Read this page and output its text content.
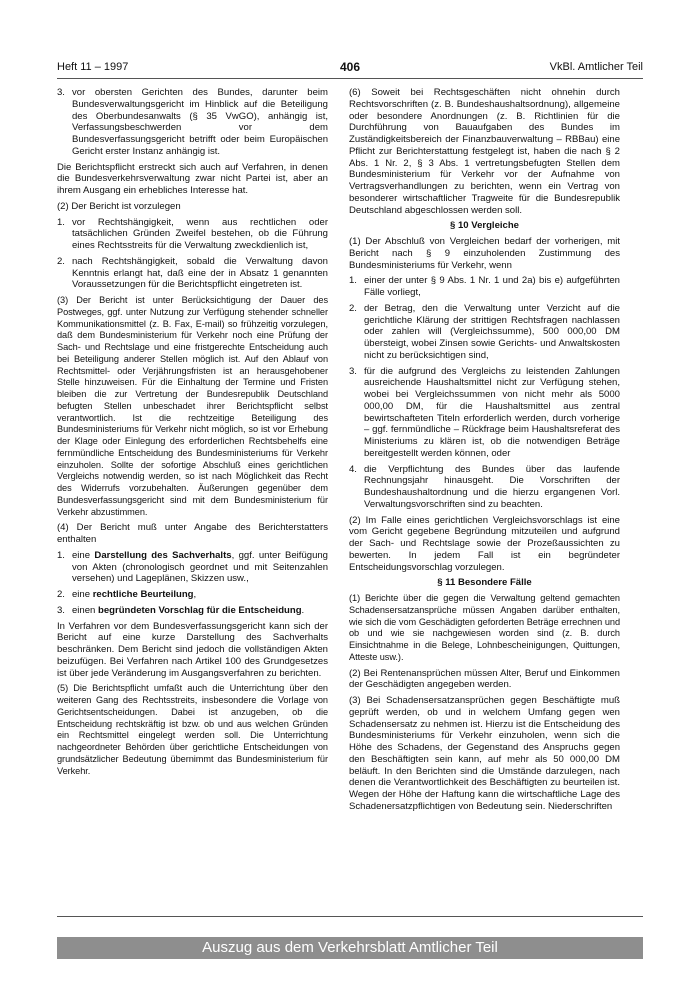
Heft 11 – 1997	406	VkBl. Amtlicher Teil
3. vor obersten Gerichten des Bundes, darunter beim Bundesverwaltungsgericht im Hinblick auf die Beteiligung des Oberbundesanwalts (§ 35 VwGO), anhängig ist, Verfassungsbeschwerden vor dem Bundesverfassungsgericht betrifft oder beim Europäischen Gericht erster Instanz anhängig ist.

Die Berichtspflicht erstreckt sich auch auf Verfahren, in denen die Bundesverkehrsverwaltung zwar nicht Partei ist, aber an ihrem Ausgang ein erhebliches Interesse hat.

(2) Der Bericht ist vorzulegen

1. vor Rechtshängigkeit, wenn aus rechtlichen oder tatsächlichen Gründen Zweifel bestehen, ob die Führung eines Rechtsstreits für die Verwaltung zweckdienlich ist,
2. nach Rechtshängigkeit, sobald die Verwaltung davon Kenntnis erlangt hat, daß eine der in Absatz 1 genannten Voraussetzungen für die Berichtspflicht eingetreten ist.

(3) Der Bericht ist unter Berücksichtigung der Dauer des Postweges, ggf. unter Nutzung zur Verfügung stehender schneller Kommunikationsmittel (z. B. Fax, E-mail) so frühzeitig vorzulegen, daß dem Bundesministerium für Verkehr noch eine Prüfung der Sach- und Rechtslage und eine fristgerechte Entscheidung auch bei Beteiligung anderer Stellen möglich ist. Auf den Ablauf von Rechtsmittel- oder Verjährungsfristen ist an herausgehobener Stelle hinzuweisen. Für die Einhaltung der Termine und Fristen bleiben die zur Vertretung der Bundesrepublik Deutschland befugten Stellen unbeschadet ihrer Berichtspflicht selbst verantwortlich. Ist die rechtzeitige Beteiligung des Bundesministeriums für Verkehr nicht möglich, so ist vor Erhebung der Klage oder Einlegung des erforderlichen Rechtsbehelfs eine fernmündliche Entscheidung des Bundesministeriums für Verkehr einzuholen. Sollte der sofortige Abschluß eines gerichtlichen Vergleichs notwendig werden, so ist nach Möglichkeit das Recht des Widerrufs vorzubehalten. Äußerungen gegenüber dem Bundesverfassungsgericht sind mit dem Bundesministerium für Verkehr abzustimmen.

(4) Der Bericht muß unter Angabe des Berichterstatters enthalten

1. eine Darstellung des Sachverhalts, ggf. unter Beifügung von Akten (chronologisch geordnet und mit Seitenzahlen versehen) und Lageplänen, Skizzen usw.,
2. eine rechtliche Beurteilung,
3. einen begründeten Vorschlag für die Entscheidung.

In Verfahren vor dem Bundesverfassungsgericht kann sich der Bericht auf eine kurze Darstellung des Sachverhalts beschränken. Dem Bericht sind jedoch die vollständigen Akten beizufügen. Bei Verfahren nach Artikel 100 des Grundgesetzes ist über jede Veränderung im Ausgangsverfahren zu berichten.

(5) Die Berichtspflicht umfaßt auch die Unterrichtung über den weiteren Gang des Rechtsstreits, insbesondere die Vorlage von Gerichtsentscheidungen. Dabei ist anzugeben, ob die Entscheidung rechtskräftig ist bzw. ob und aus welchen Gründen ein Rechtsmittel eingelegt werden soll. Die Unterrichtung nachgeordneter Behörden über gerichtliche Entscheidungen von grundsätzlicher Bedeutung übernimmt das Bundesministerium für Verkehr.

(6) Soweit bei Rechtsgeschäften nicht ohnehin durch Rechtsvorschriften (z. B. Bundeshaushaltsordnung), allgemeine oder besondere Anordnungen (z. B. Richtlinien für die Durchführung von Bauaufgaben des Bundes im Zuständigkeitsbereich der Finanzbauverwaltung – RBBau) eine Pflicht zur Berichterstattung festgelegt ist, haben die nach § 2 Abs. 1 Nr. 2, § 3 Abs. 1 vertretungsbefugten Stellen dem Bundesministerium für Verkehr vor der Aufnahme von Vertragsverhandlungen zu berichten, wenn ein Vertrag von besonderer wirtschaftlicher Tragweite für die Bundesrepublik Deutschland abgeschlossen werden soll.

§ 10 Vergleiche

(1) Der Abschluß von Vergleichen bedarf der vorherigen, mit Bericht nach § 9 einzuholenden Zustimmung des Bundesministeriums für Verkehr, wenn

1. einer der unter § 9 Abs. 1 Nr. 1 und 2a) bis e) aufgeführten Fälle vorliegt,
2. der Betrag, den die Verwaltung unter Verzicht auf die gerichtliche Klärung der strittigen Rechtsfragen nachlassen oder zahlen will (Vergleichssumme), 500 000,00 DM übersteigt, wobei Zinsen sowie Gerichts- und Anwaltskosten nicht zu berücksichtigen sind,
3. für die aufgrund des Vergleichs zu leistenden Zahlungen ausreichende Haushaltsmittel nicht zur Verfügung stehen, wobei bei Vergleichssummen von nicht mehr als 5000 000,00 DM, für die Haushaltsmittel aus zentral bewirtschafteten Titeln erforderlich werden, durch vorherige – ggf. fernmündliche – Rückfrage beim Haushaltsreferat des Ministeriums zu klären ist, ob die notwendigen Beträge bereitgestellt werden können, oder
4. die Verpflichtung des Bundes über das laufende Rechnungsjahr hinausgeht. Die Vorschriften der Bundeshaushaltordnung und die hierzu ergangenen Vorl. Verwaltungsvorschriften sind zu beachten.

(2) Im Falle eines gerichtlichen Vergleichsvorschlags ist eine vom Gericht gegebene Begründung mitzuteilen und aufgrund der Sach- und Rechtslage sowie der Prozeßaussichten zu bewerten. In jedem Fall ist ein begründeter Entscheidungsvorschlag vorzulegen.

§ 11 Besondere Fälle

(1) Berichte über die gegen die Verwaltung geltend gemachten Schadensersatzansprüche müssen Angaben darüber enthalten, wie sich die vom Geschädigten geforderten Beträge errechnen und ob und wie sie nachgewiesen worden sind (z. B. durch Einsichtnahme in die Belege, Lohnbescheinigungen, Quittungen, Atteste usw.).

(2) Bei Rentenansprüchen müssen Alter, Beruf und Einkommen der Geschädigten angegeben werden.

(3) Bei Schadensersatzansprüchen gegen Beschäftigte muß geprüft werden, ob und in welchem Umfang gegen wen Schadensersatz zu nehmen ist. Hierzu ist die Entscheidung des Bundesministeriums für Verkehr einzuholen, wenn sich die Höhe des Schadens, der Gegenstand des Anspruchs gegen den Beschäftigten sein kann, auf mehr als 50 000,00 DM beläuft. In den Berichten sind die Umstände darzulegen, nach denen die Verantwortlichkeit des Beschäftigten zu beurteilen ist. Wegen der Höhe der Haftung kann die wirtschaftliche Lage des Schadenersatzpflichtigen von Bedeutung sein. Niederschriften

Auszug aus dem Verkehrsblatt Amtlicher Teil
